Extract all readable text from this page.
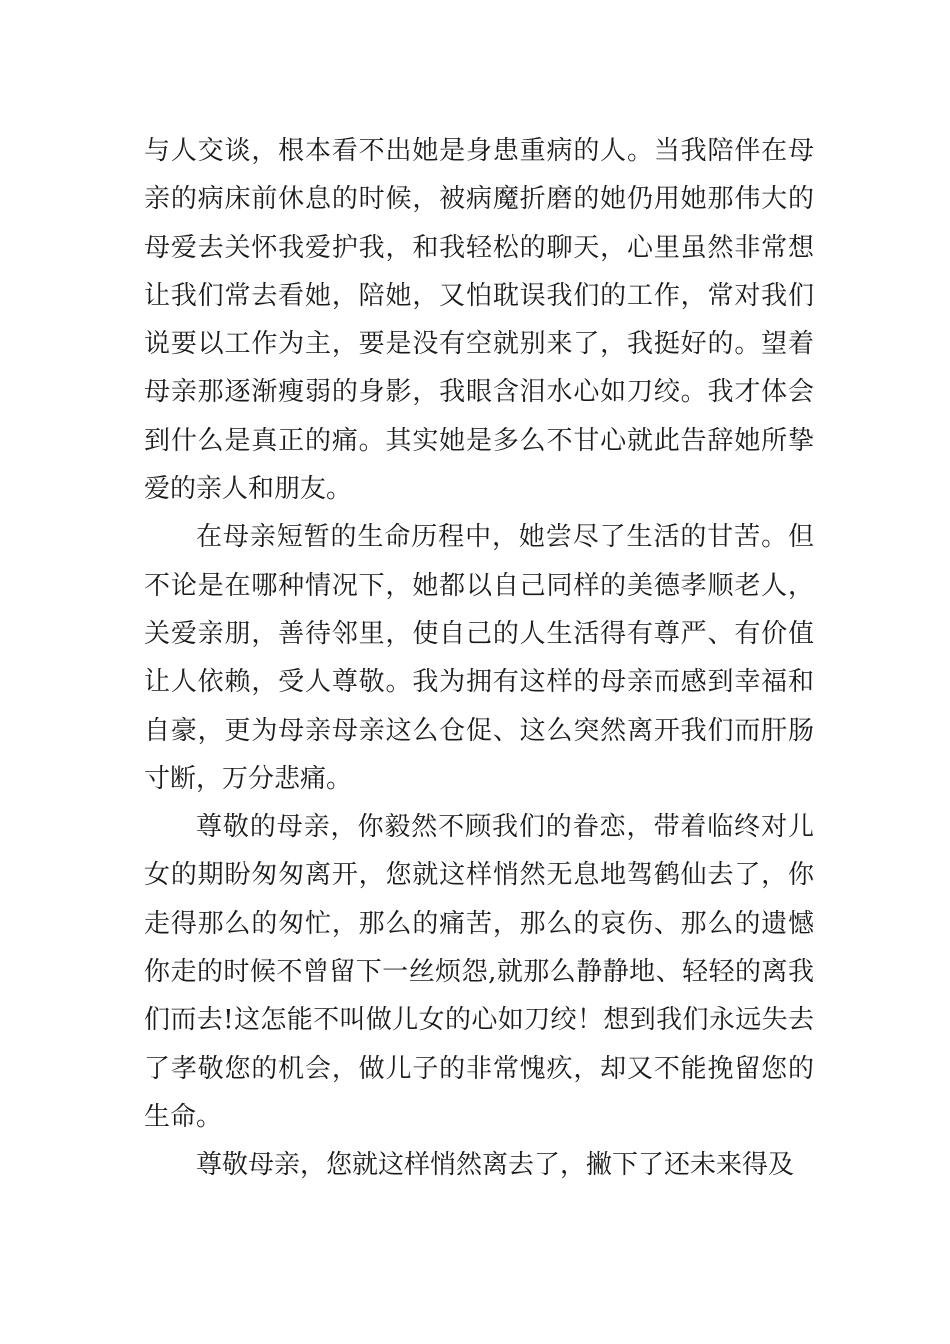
与人交谈，根本看不出她是身患重病的人。当我陪伴在母
亲的病床前休息的时候，被病魔折磨的她仍用她那伟大的
母爱去关怀我爱护我，和我轻松的聊天，心里虽然非常想
让我们常去看她，陪她，又怕耽误我们的工作，常对我们
说要以工作为主，要是没有空就别来了，我挺好的。望着
母亲那逐渐瘦弱的身影，我眼含泪水心如刀绞。我才体会
到什么是真正的痛。其实她是多么不甘心就此告辞她所挚
爱的亲人和朋友。
在母亲短暂的生命历程中，她尝尽了生活的甘苦。但
不论是在哪种情况下，她都以自己同样的美德孝顺老人，
关爱亲朋，善待邻里，使自己的人生活得有尊严、有价值
让人依赖，受人尊敬。我为拥有这样的母亲而感到幸福和
自豪，更为母亲母亲这么仓促、这么突然离开我们而肝肠
寸断，万分悲痛。
尊敬的母亲，你毅然不顾我们的眷恋，带着临终对儿
女的期盼匆匆离开，您就这样悄然无息地驾鹤仙去了，你
走得那么的匆忙，那么的痛苦，那么的哀伤、那么的遗憾
你走的时候不曾留下一丝烦怨,就那么静静地、轻轻的离我
们而去!这怎能不叫做儿女的心如刀绞！想到我们永远失去
了孝敬您的机会，做儿子的非常愧疚，却又不能挽留您的
生命。
尊敬母亲，您就这样悄然离去了，撇下了还未来得及
